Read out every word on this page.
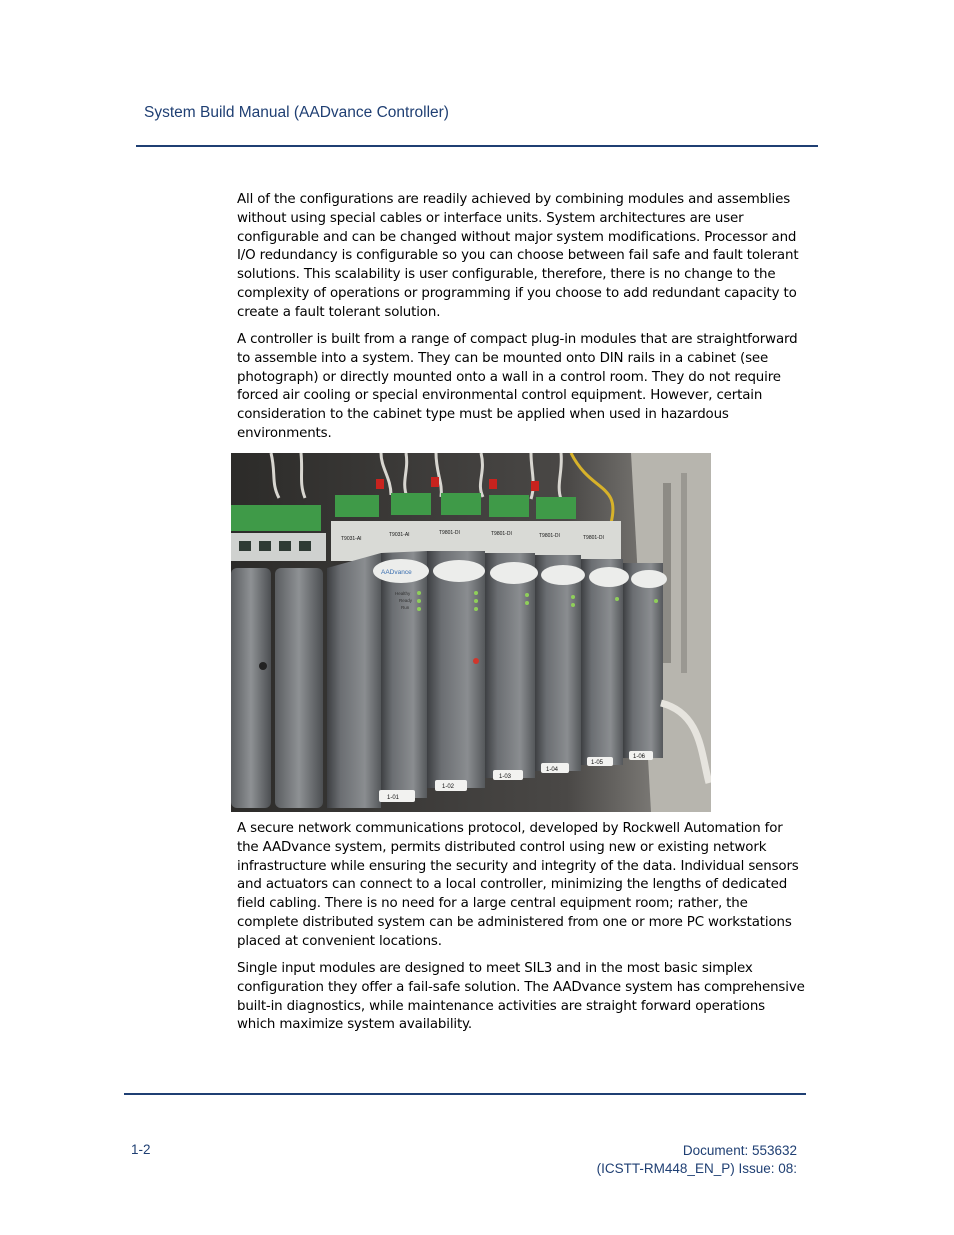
System Build Manual (AADvance Controller)

All of the configurations are readily achieved by combining modules and assemblies without using special cables or interface units. System architectures are user configurable and can be changed without major system modifications. Processor and I/O redundancy is configurable so you can choose between fail safe and fault tolerant solutions. This scalability is user configurable, therefore, there is no change to the complexity of operations or programming if you choose to add redundant capacity to create a fault tolerant solution.

A controller is built from a range of compact plug-in modules that are straightforward to assemble into a system. They can be mounted onto DIN rails in a cabinet (see photograph) or directly mounted onto a wall in a control room. They do not require forced air cooling or special environmental control equipment. However, certain consideration to the cabinet type must be applied when used in hazardous environments.

AADvance
Healthy
Ready
Run
T9031-AI
T9031-AI	T9801-DI	T9801-DI	T9801-DI	T9801-DI
1-01
1-02
1-03
1-04
1-05
1-06

A secure network communications protocol, developed by Rockwell Automation for the AADvance system, permits distributed control using new or existing network infrastructure while ensuring the security and integrity of the data. Individual sensors and actuators can connect to a local controller, minimizing the lengths of dedicated field cabling. There is no need for a large central equipment room; rather, the complete distributed system can be administered from one or more PC workstations placed at convenient locations.

Single input modules are designed to meet SIL3 and in the most basic simplex configuration they offer a fail-safe solution. The AADvance system has comprehensive built-in diagnostics, while maintenance activities are straight forward operations which maximize system availability.

1-2	Document: 553632
(ICSTT-RM448_EN_P) Issue: 08:
